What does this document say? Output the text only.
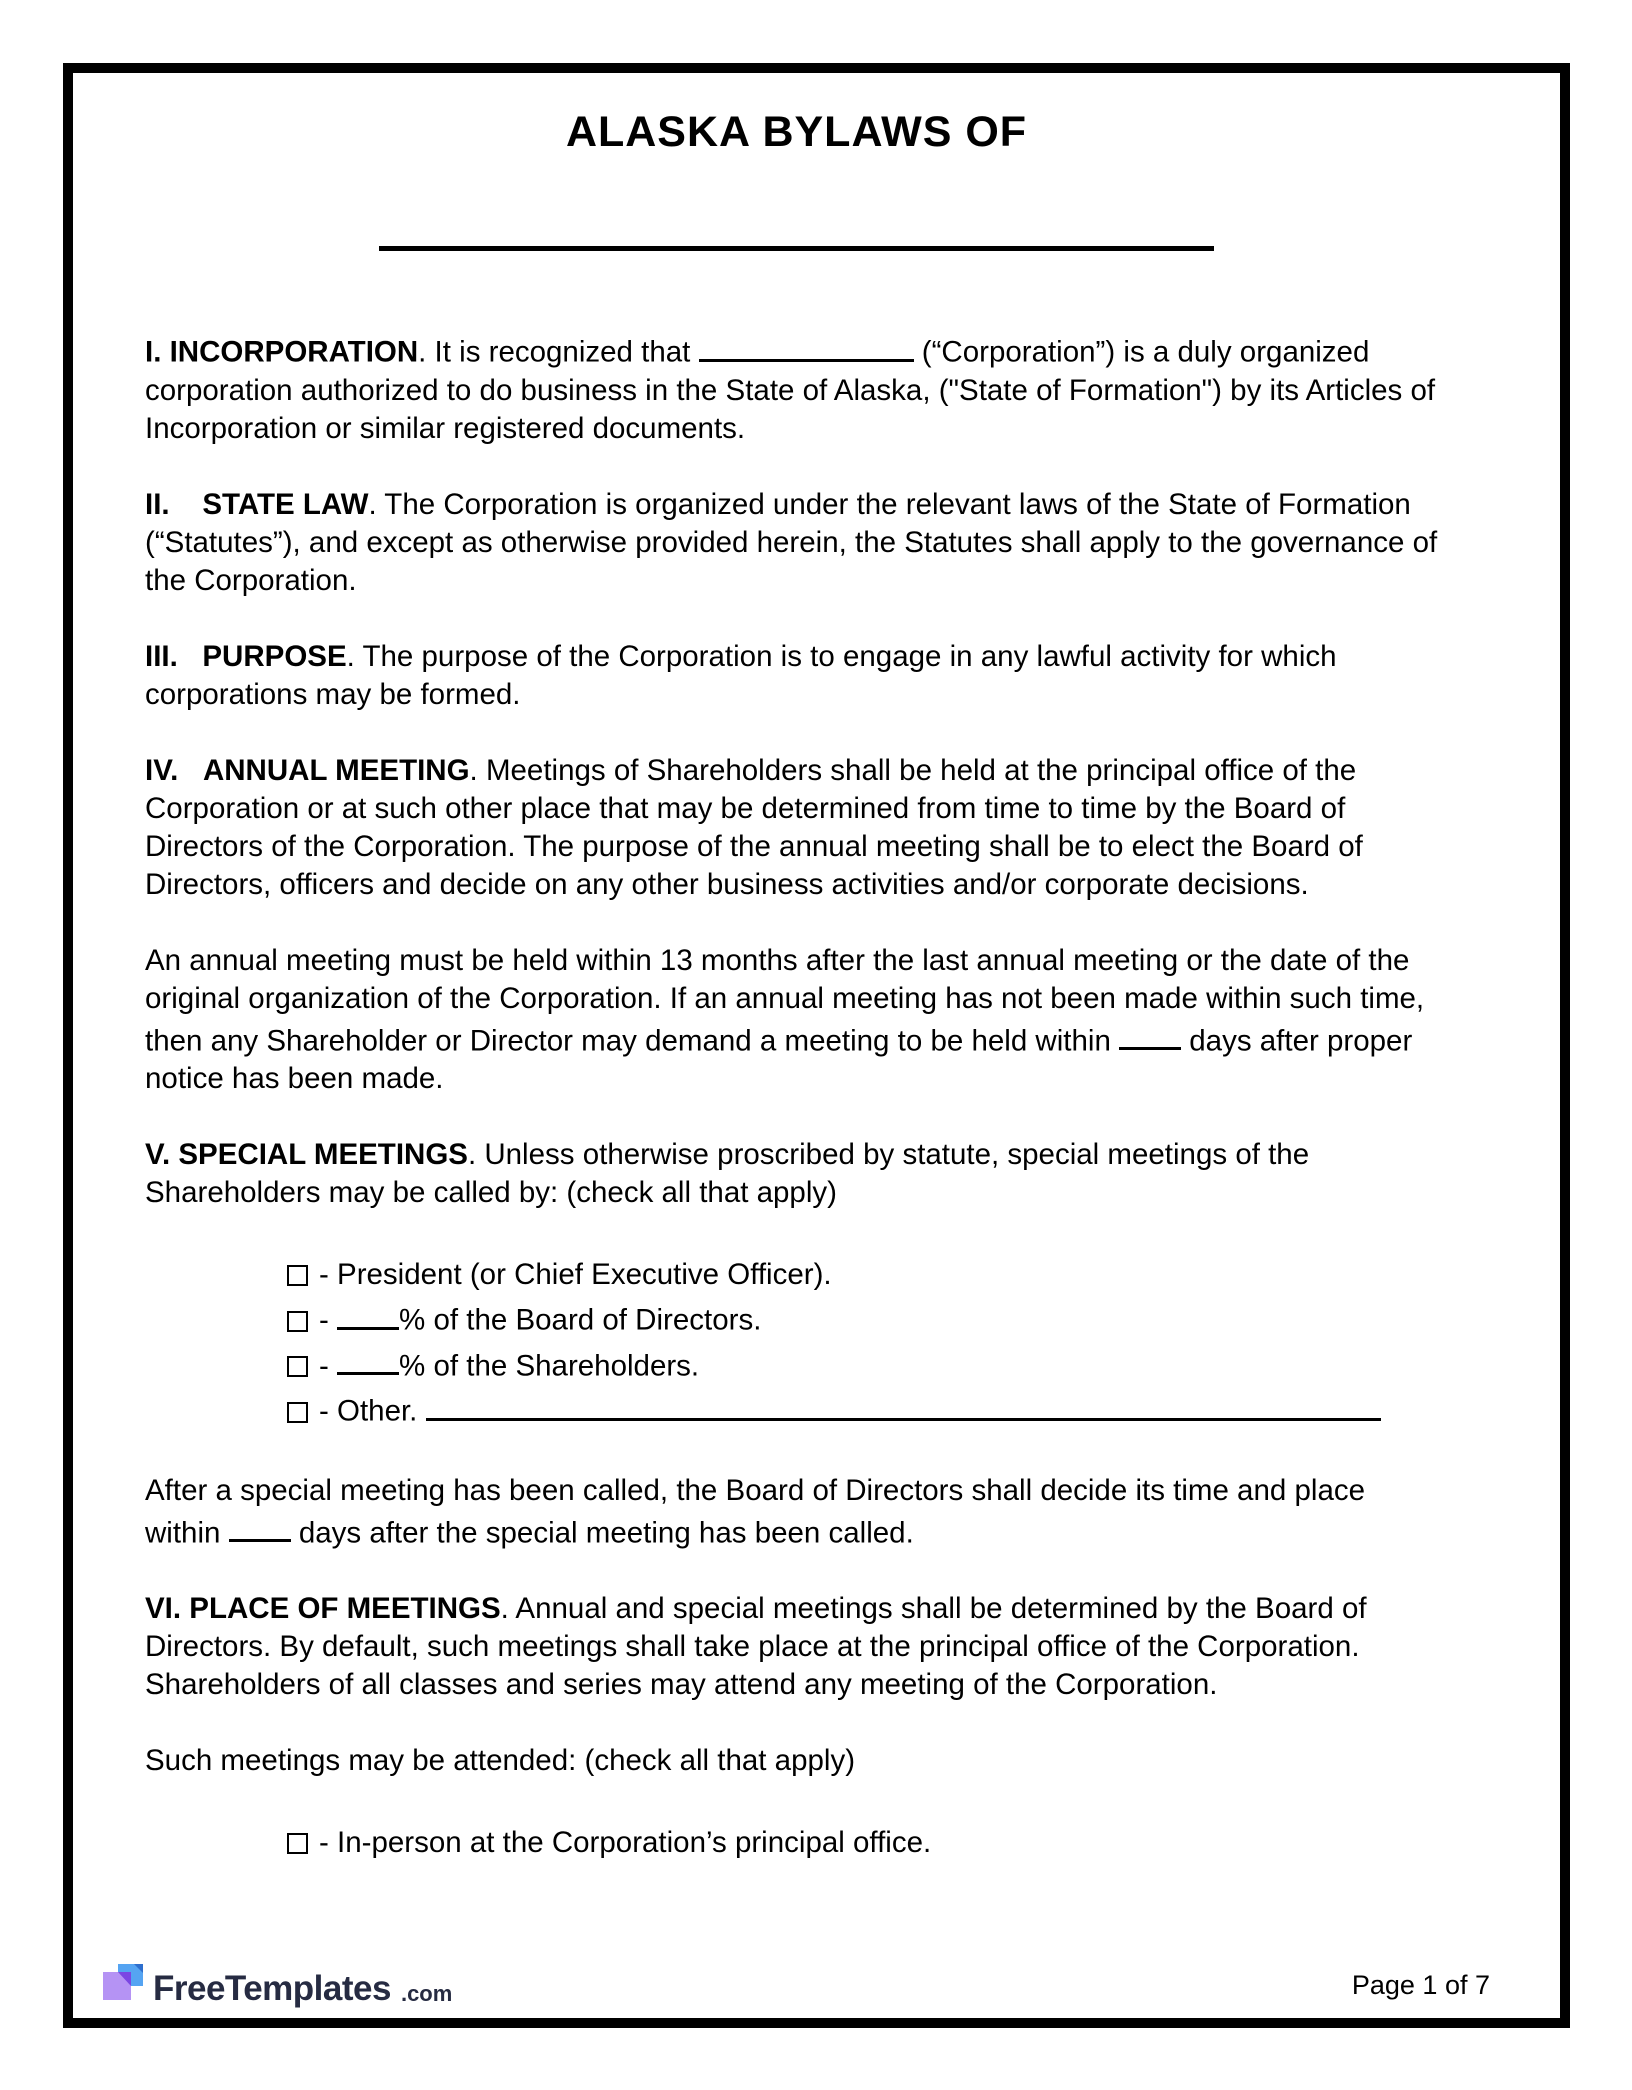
ALASKA BYLAWS OF

I. INCORPORATION. It is recognized that	(“Corporation”) is a duly organized corporation authorized to do business in the State of Alaska, ("State of Formation") by its Articles of Incorporation or similar registered documents.

II.    STATE LAW. The Corporation is organized under the relevant laws of the State of Formation (“Statutes”), and except as otherwise provided herein, the Statutes shall apply to the governance of the Corporation.

III.   PURPOSE. The purpose of the Corporation is to engage in any lawful activity for which corporations may be formed.

IV.   ANNUAL MEETING. Meetings of Shareholders shall be held at the principal office of the Corporation or at such other place that may be determined from time to time by the Board of Directors of the Corporation. The purpose of the annual meeting shall be to elect the Board of Directors, officers and decide on any other business activities and/or corporate decisions.

An annual meeting must be held within 13 months after the last annual meeting or the date of the original organization of the Corporation. If an annual meeting has not been made within such time, then any Shareholder or Director may demand a meeting to be held within  days after proper notice has been made.

V. SPECIAL MEETINGS. Unless otherwise proscribed by statute, special meetings of the Shareholders may be called by: (check all that apply)

- President (or Chief Executive Officer).
- % of the Board of Directors.
- % of the Shareholders.
- Other.

After a special meeting has been called, the Board of Directors shall decide its time and place within  days after the special meeting has been called.

VI. PLACE OF MEETINGS. Annual and special meetings shall be determined by the Board of Directors. By default, such meetings shall take place at the principal office of the Corporation. Shareholders of all classes and series may attend any meeting of the Corporation.

Such meetings may be attended: (check all that apply)

- In-person at the Corporation’s principal office.
FreeTemplates .com	Page 1 of 7
